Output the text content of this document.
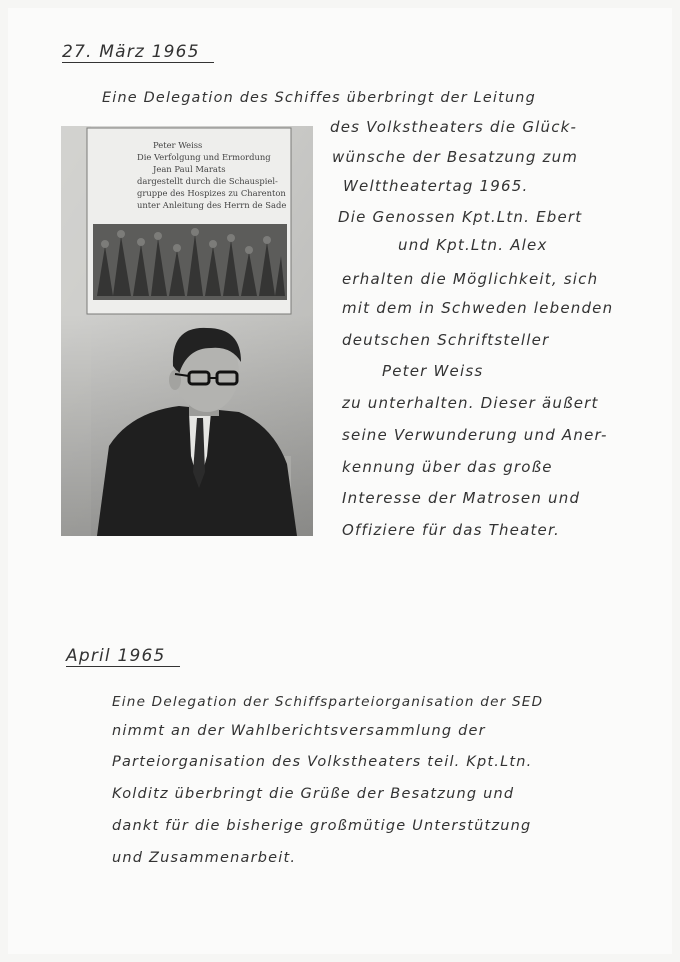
27. März 1965
Eine Delegation des Schiffes überbringt der Leitung
des Volkstheaters die Glück-
wünsche der Besatzung zum
Welttheatertag 1965.
Die Genossen Kpt.Ltn. Ebert
und Kpt.Ltn. Alex
erhalten die Möglichkeit, sich
mit dem in Schweden lebenden
deutschen Schriftsteller
Peter Weiss
zu unterhalten. Dieser äußert
seine Verwunderung und Aner-
kennung über das große
Interesse der Matrosen und
Offiziere für das Theater.
Peter Weiss
Die Verfolgung und Ermordung
Jean Paul Marats
dargestellt durch die Schauspiel-
gruppe des Hospizes zu Charenton
unter Anleitung des Herrn de Sade
April 1965
Eine Delegation der Schiffsparteiorganisation der SED
nimmt an der Wahlberichtsversammlung der
Parteiorganisation des Volkstheaters teil. Kpt.Ltn.
Kolditz überbringt die Grüße der Besatzung und
dankt für die bisherige großmütige Unterstützung
und Zusammenarbeit.
